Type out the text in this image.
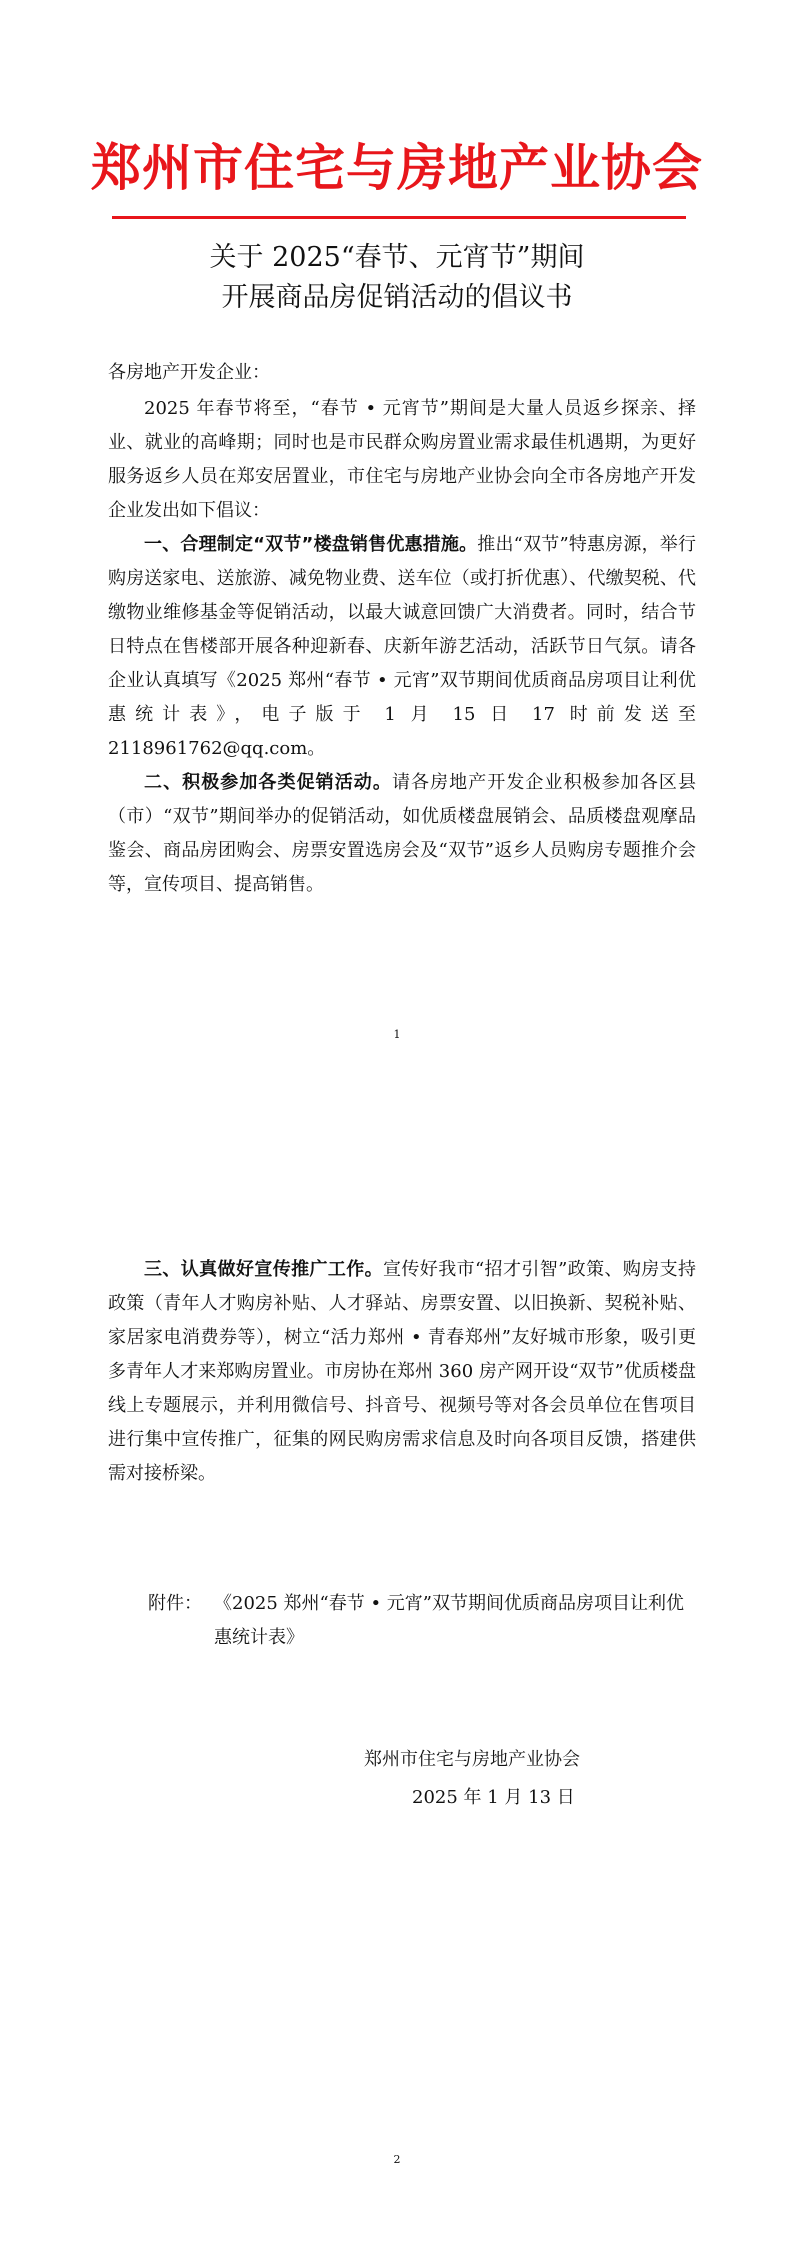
郑州市住宅与房地产业协会
关于 2025“春节、元宵节”期间
开展商品房促销活动的倡议书

各房地产开发企业：

2025 年春节将至，“春节 • 元宵节”期间是大量人员返乡探亲、择业、就业的高峰期；同时也是市民群众购房置业需求最佳机遇期，为更好服务返乡人员在郑安居置业，市住宅与房地产业协会向全市各房地产开发企业发出如下倡议：

一、合理制定“双节”楼盘销售优惠措施。推出“双节”特惠房源，举行购房送家电、送旅游、减免物业费、送车位（或打折优惠）、代缴契税、代缴物业维修基金等促销活动，以最大诚意回馈广大消费者。同时，结合节日特点在售楼部开展各种迎新春、庆新年游艺活动，活跃节日气氛。请各企业认真填写《2025 郑州“春节 • 元宵”双节期间优质商品房项目让利优惠统计表》，电子版于 1 月 15 日 17 时前发送至 2118961762@qq.com。

二、积极参加各类促销活动。请各房地产开发企业积极参加各区县（市）“双节”期间举办的促销活动，如优质楼盘展销会、品质楼盘观摩品鉴会、商品房团购会、房票安置选房会及“双节”返乡人员购房专题推介会等，宣传项目、提高销售。

1

三、认真做好宣传推广工作。宣传好我市“招才引智”政策、购房支持政策（青年人才购房补贴、人才驿站、房票安置、以旧换新、契税补贴、家居家电消费券等），树立“活力郑州 • 青春郑州”友好城市形象，吸引更多青年人才来郑购房置业。市房协在郑州 360 房产网开设“双节”优质楼盘线上专题展示，并利用微信号、抖音号、视频号等对各会员单位在售项目进行集中宣传推广，征集的网民购房需求信息及时向各项目反馈，搭建供需对接桥梁。

附件： 《2025 郑州“春节 • 元宵”双节期间优质商品房项目让利优惠统计表》
郑州市住宅与房地产业协会
2025 年 1 月 13 日
2
